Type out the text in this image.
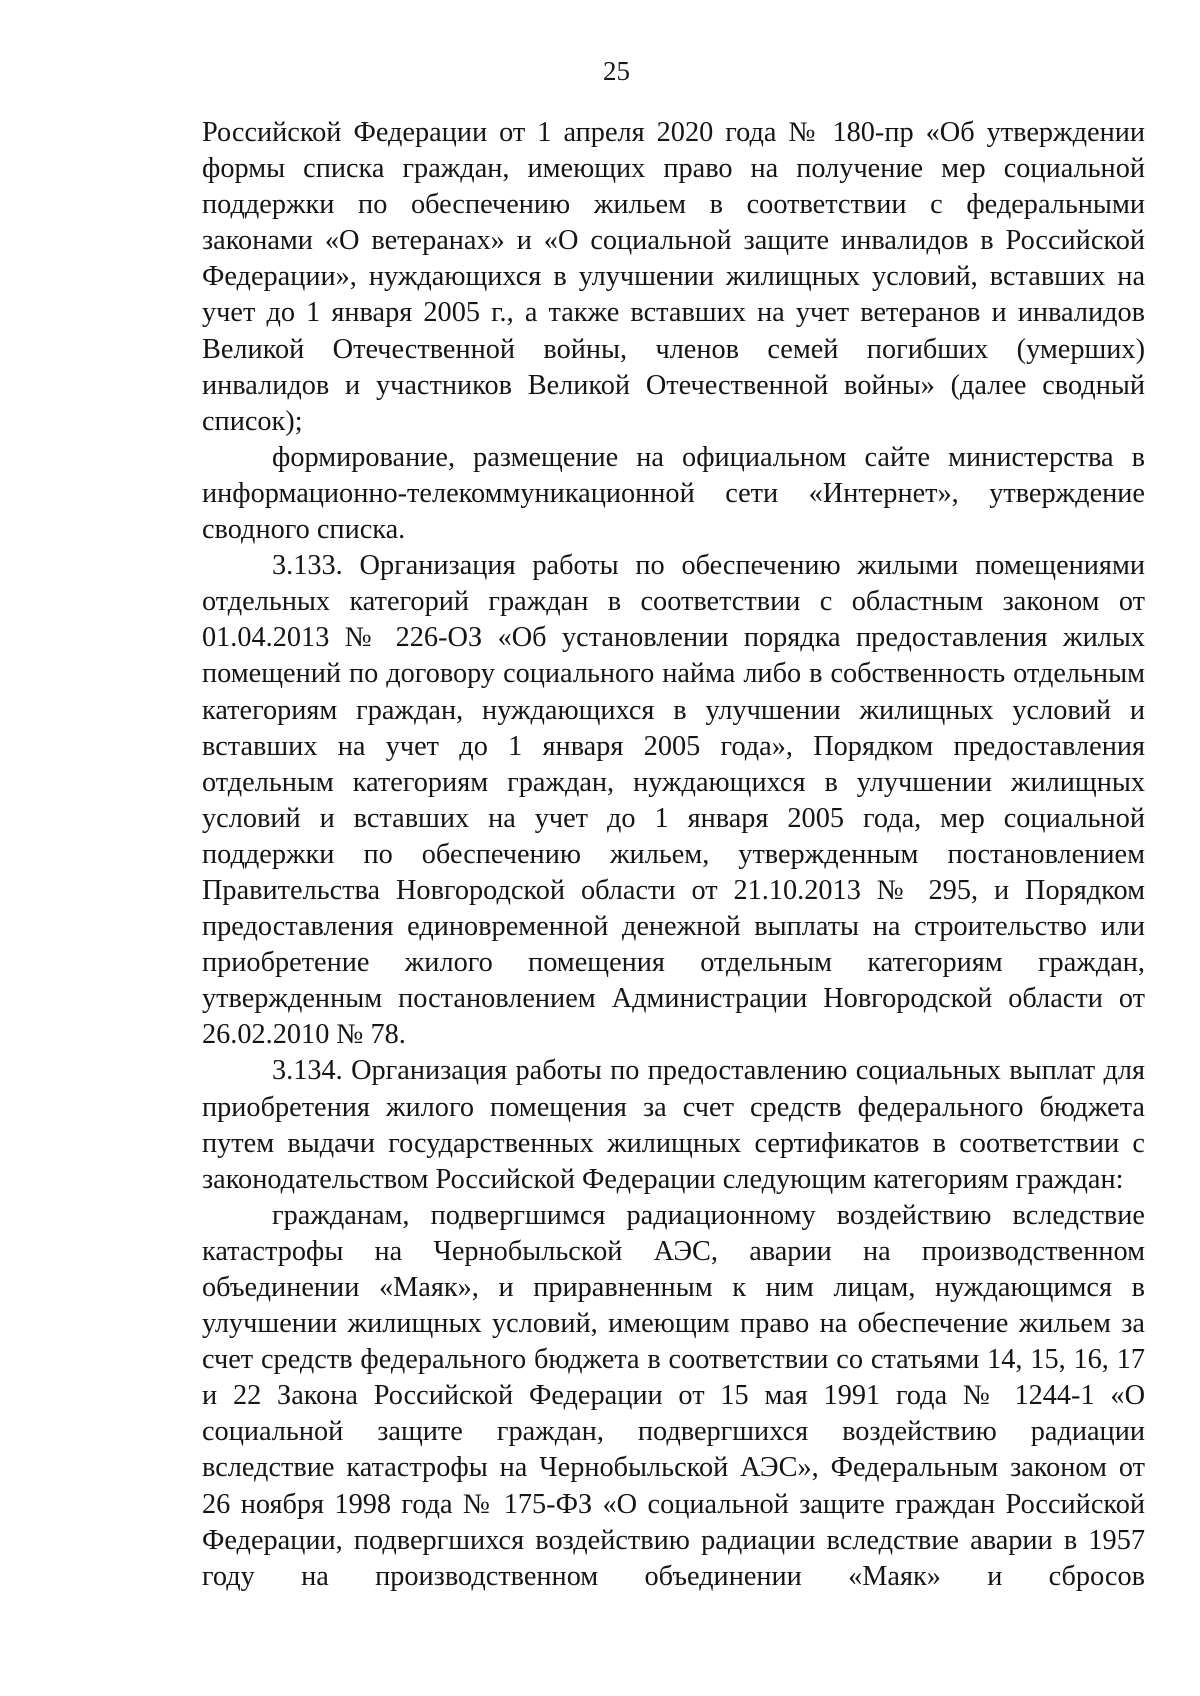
25

Российской Федерации от 1 апреля 2020 года № 180-пр «Об утверждении формы списка граждан, имеющих право на получение мер социальной поддержки по обеспечению жильем в соответствии с федеральными законами «О ветеранах» и «О социальной защите инвалидов в Российской Федерации», нуждающихся в улучшении жилищных условий, вставших на учет до 1 января 2005 г., а также вставших на учет ветеранов и инвалидов Великой Отечественной войны, членов семей погибших (умерших) инвалидов и участников Великой Отечественной войны» (далее сводный список);

формирование, размещение на официальном сайте министерства в информационно-телекоммуникационной сети «Интернет», утверждение сводного списка.

3.133. Организация работы по обеспечению жилыми помещениями отдельных категорий граждан в соответствии с областным законом от 01.04.2013 № 226-ОЗ «Об установлении порядка предоставления жилых помещений по договору социального найма либо в собственность отдельным категориям граждан, нуждающихся в улучшении жилищных условий и вставших на учет до 1 января 2005 года», Порядком предоставления отдельным категориям граждан, нуждающихся в улучшении жилищных условий и вставших на учет до 1 января 2005 года, мер социальной поддержки по обеспечению жильем, утвержденным постановлением Правительства Новгородской области от 21.10.2013 № 295, и Порядком предоставления единовременной денежной выплаты на строительство или приобретение жилого помещения отдельным категориям граждан, утвержденным постановлением Администрации Новгородской области от 26.02.2010 № 78.

3.134. Организация работы по предоставлению социальных выплат для приобретения жилого помещения за счет средств федерального бюджета путем выдачи государственных жилищных сертификатов в соответствии с законодательством Российской Федерации следующим категориям граждан:

гражданам, подвергшимся радиационному воздействию вследствие катастрофы на Чернобыльской АЭС, аварии на производственном объединении «Маяк», и приравненным к ним лицам, нуждающимся в улучшении жилищных условий, имеющим право на обеспечение жильем за счет средств федерального бюджета в соответствии со статьями 14, 15, 16, 17 и 22 Закона Российской Федерации от 15 мая 1991 года № 1244-1 «О социальной защите граждан, подвергшихся воздействию радиации вследствие катастрофы на Чернобыльской АЭС», Федеральным законом от 26 ноября 1998 года № 175-ФЗ «О социальной защите граждан Российской Федерации, подвергшихся воздействию радиации вследствие аварии в 1957 году на производственном объединении «Маяк» и сбросов
